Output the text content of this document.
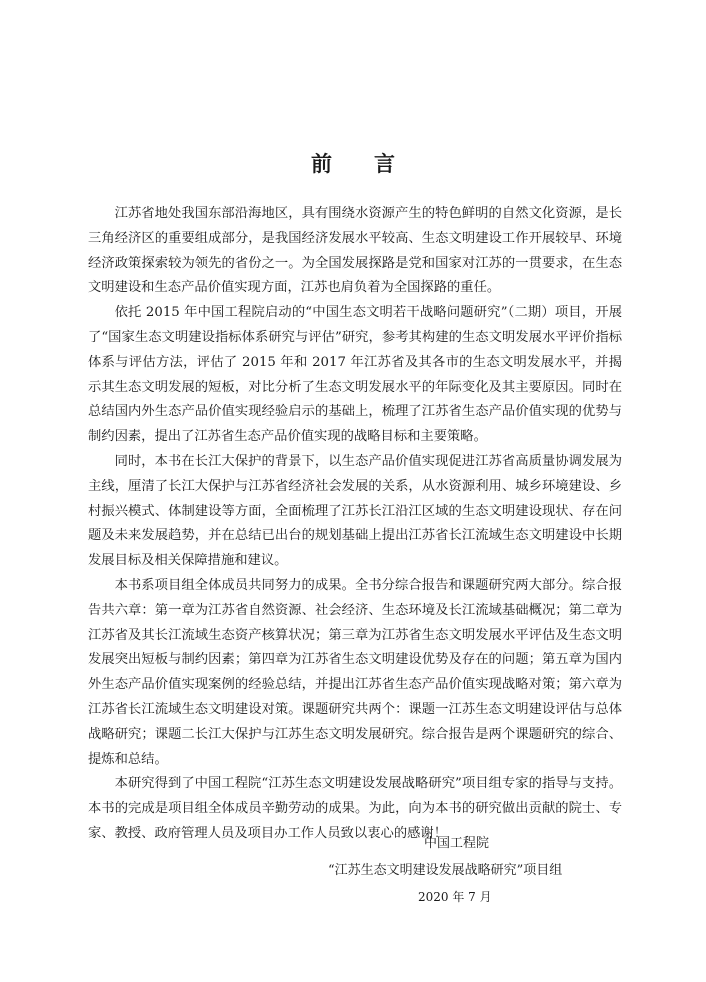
前　　言

江苏省地处我国东部沿海地区，具有围绕水资源产生的特色鲜明的自然文化资源，是长三角经济区的重要组成部分，是我国经济发展水平较高、生态文明建设工作开展较早、环境经济政策探索较为领先的省份之一。为全国发展探路是党和国家对江苏的一贯要求，在生态文明建设和生态产品价值实现方面，江苏也肩负着为全国探路的重任。

依托 2015 年中国工程院启动的“中国生态文明若干战略问题研究”（二期）项目，开展了“国家生态文明建设指标体系研究与评估”研究，参考其构建的生态文明发展水平评价指标体系与评估方法，评估了 2015 年和 2017 年江苏省及其各市的生态文明发展水平，并揭示其生态文明发展的短板，对比分析了生态文明发展水平的年际变化及其主要原因。同时在总结国内外生态产品价值实现经验启示的基础上，梳理了江苏省生态产品价值实现的优势与制约因素，提出了江苏省生态产品价值实现的战略目标和主要策略。

同时，本书在长江大保护的背景下，以生态产品价值实现促进江苏省高质量协调发展为主线，厘清了长江大保护与江苏省经济社会发展的关系，从水资源利用、城乡环境建设、乡村振兴模式、体制建设等方面，全面梳理了江苏长江沿江区域的生态文明建设现状、存在问题及未来发展趋势，并在总结已出台的规划基础上提出江苏省长江流域生态文明建设中长期发展目标及相关保障措施和建议。

本书系项目组全体成员共同努力的成果。全书分综合报告和课题研究两大部分。综合报告共六章：第一章为江苏省自然资源、社会经济、生态环境及长江流域基础概况；第二章为江苏省及其长江流域生态资产核算状况；第三章为江苏省生态文明发展水平评估及生态文明发展突出短板与制约因素；第四章为江苏省生态文明建设优势及存在的问题；第五章为国内外生态产品价值实现案例的经验总结，并提出江苏省生态产品价值实现战略对策；第六章为江苏省长江流域生态文明建设对策。课题研究共两个：课题一江苏生态文明建设评估与总体战略研究；课题二长江大保护与江苏生态文明发展研究。综合报告是两个课题研究的综合、提炼和总结。

本研究得到了中国工程院“江苏生态文明建设发展战略研究”项目组专家的指导与支持。本书的完成是项目组全体成员辛勤劳动的成果。为此，向为本书的研究做出贡献的院士、专家、教授、政府管理人员及项目办工作人员致以衷心的感谢！

中国工程院
“江苏生态文明建设发展战略研究”项目组
2020 年 7 月
